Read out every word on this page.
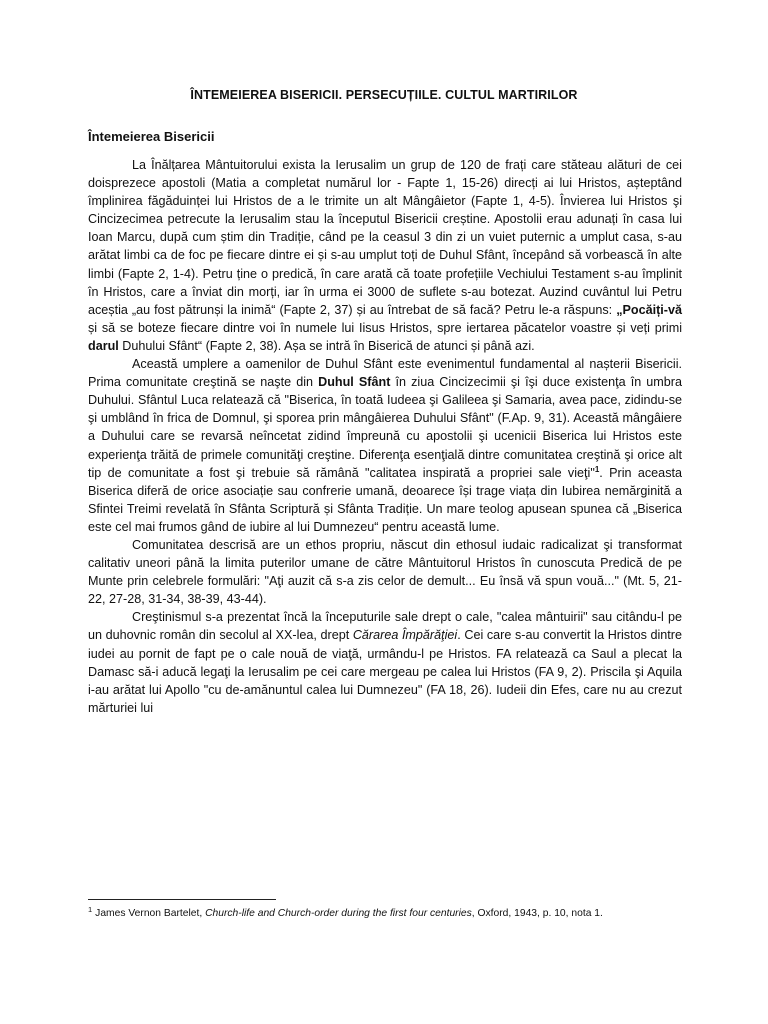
ÎNTEMEIEREA BISERICII. PERSECUȚIILE. CULTUL MARTIRILOR
Întemeierea Bisericii

La Înălțarea Mântuitorului exista la Ierusalim un grup de 120 de frați care stăteau alături de cei doisprezece apostoli (Matia a completat numărul lor - Fapte 1, 15-26) direcți ai lui Hristos, așteptând împlinirea făgăduinței lui Hristos de a le trimite un alt Mângâietor (Fapte 1, 4-5). Învierea lui Hristos şi Cincizecimea petrecute la Ierusalim stau la începutul Bisericii creștine. Apostolii erau adunați în casa lui Ioan Marcu, după cum știm din Tradiție, când pe la ceasul 3 din zi un vuiet puternic a umplut casa, s-au arătat limbi ca de foc pe fiecare dintre ei și s-au umplut toți de Duhul Sfânt, începând să vorbească în alte limbi (Fapte 2, 1-4). Petru ține o predică, în care arată că toate profețiile Vechiului Testament s-au împlinit în Hristos, care a înviat din morți, iar în urma ei 3000 de suflete s-au botezat. Auzind cuvântul lui Petru aceștia „au fost pătrunși la inimă“ (Fapte 2, 37) și au întrebat de să facă? Petru le-a răspuns: „Pocăiți-vă și să se boteze fiecare dintre voi în numele lui Iisus Hristos, spre iertarea păcatelor voastre și veți primi darul Duhului Sfânt“ (Fapte 2, 38). Așa se intră în Biserică de atunci și până azi.

Această umplere a oamenilor de Duhul Sfânt este evenimentul fundamental al nașterii Bisericii. Prima comunitate creştină se naşte din Duhul Sfânt în ziua Cincizecimii şi îşi duce existenţa în umbra Duhului. Sfântul Luca relatează că "Biserica, în toată Iudeea şi Galileea şi Samaria, avea pace, zidindu-se şi umblând în frica de Domnul, şi sporea prin mângâierea Duhului Sfânt" (F.Ap. 9, 31). Această mângâiere a Duhului care se revarsă neîncetat zidind împreună cu apostolii şi ucenicii Biserica lui Hristos este experienţa trăită de primele comunităţi creştine. Diferenţa esenţială dintre comunitatea creştină şi orice alt tip de comunitate a fost şi trebuie să rămână "calitatea inspirată a propriei sale vieţi"$^1$. Prin aceasta Biserica diferă de orice asociație sau confrerie umană, deoarece își trage viața din Iubirea nemărginită a Sfintei Treimi revelată în Sfânta Scriptură și Sfânta Tradiție. Un mare teolog apusean spunea că „Biserica este cel mai frumos gând de iubire al lui Dumnezeu“ pentru această lume.

Comunitatea descrisă are un ethos propriu, născut din ethosul iudaic radicalizat şi transformat calitativ uneori până la limita puterilor umane de către Mântuitorul Hristos în cunoscuta Predică de pe Munte prin celebrele formulări: "Aţi auzit că s-a zis celor de demult... Eu însă vă spun vouă..." (Mt. 5, 21-22, 27-28, 31-34, 38-39, 43-44).

Creştinismul s-a prezentat încă la începuturile sale drept o cale, "calea mântuirii" sau citându-l pe un duhovnic român din secolul al XX-lea, drept Cărarea Împărăţiei. Cei care s-au convertit la Hristos dintre iudei au pornit de fapt pe o cale nouă de viaţă, urmându-l pe Hristos. FA relatează ca Saul a plecat la Damasc să-i aducă legaţi la Ierusalim pe cei care mergeau pe calea lui Hristos (FA 9, 2). Priscila şi Aquila i-au arătat lui Apollo "cu de-amănuntul calea lui Dumnezeu" (FA 18, 26). Iudeii din Efes, care nu au crezut mărturiei lui

$^1$ James Vernon Bartelet, Church-life and Church-order during the first four centuries, Oxford, 1943, p. 10, nota 1.
